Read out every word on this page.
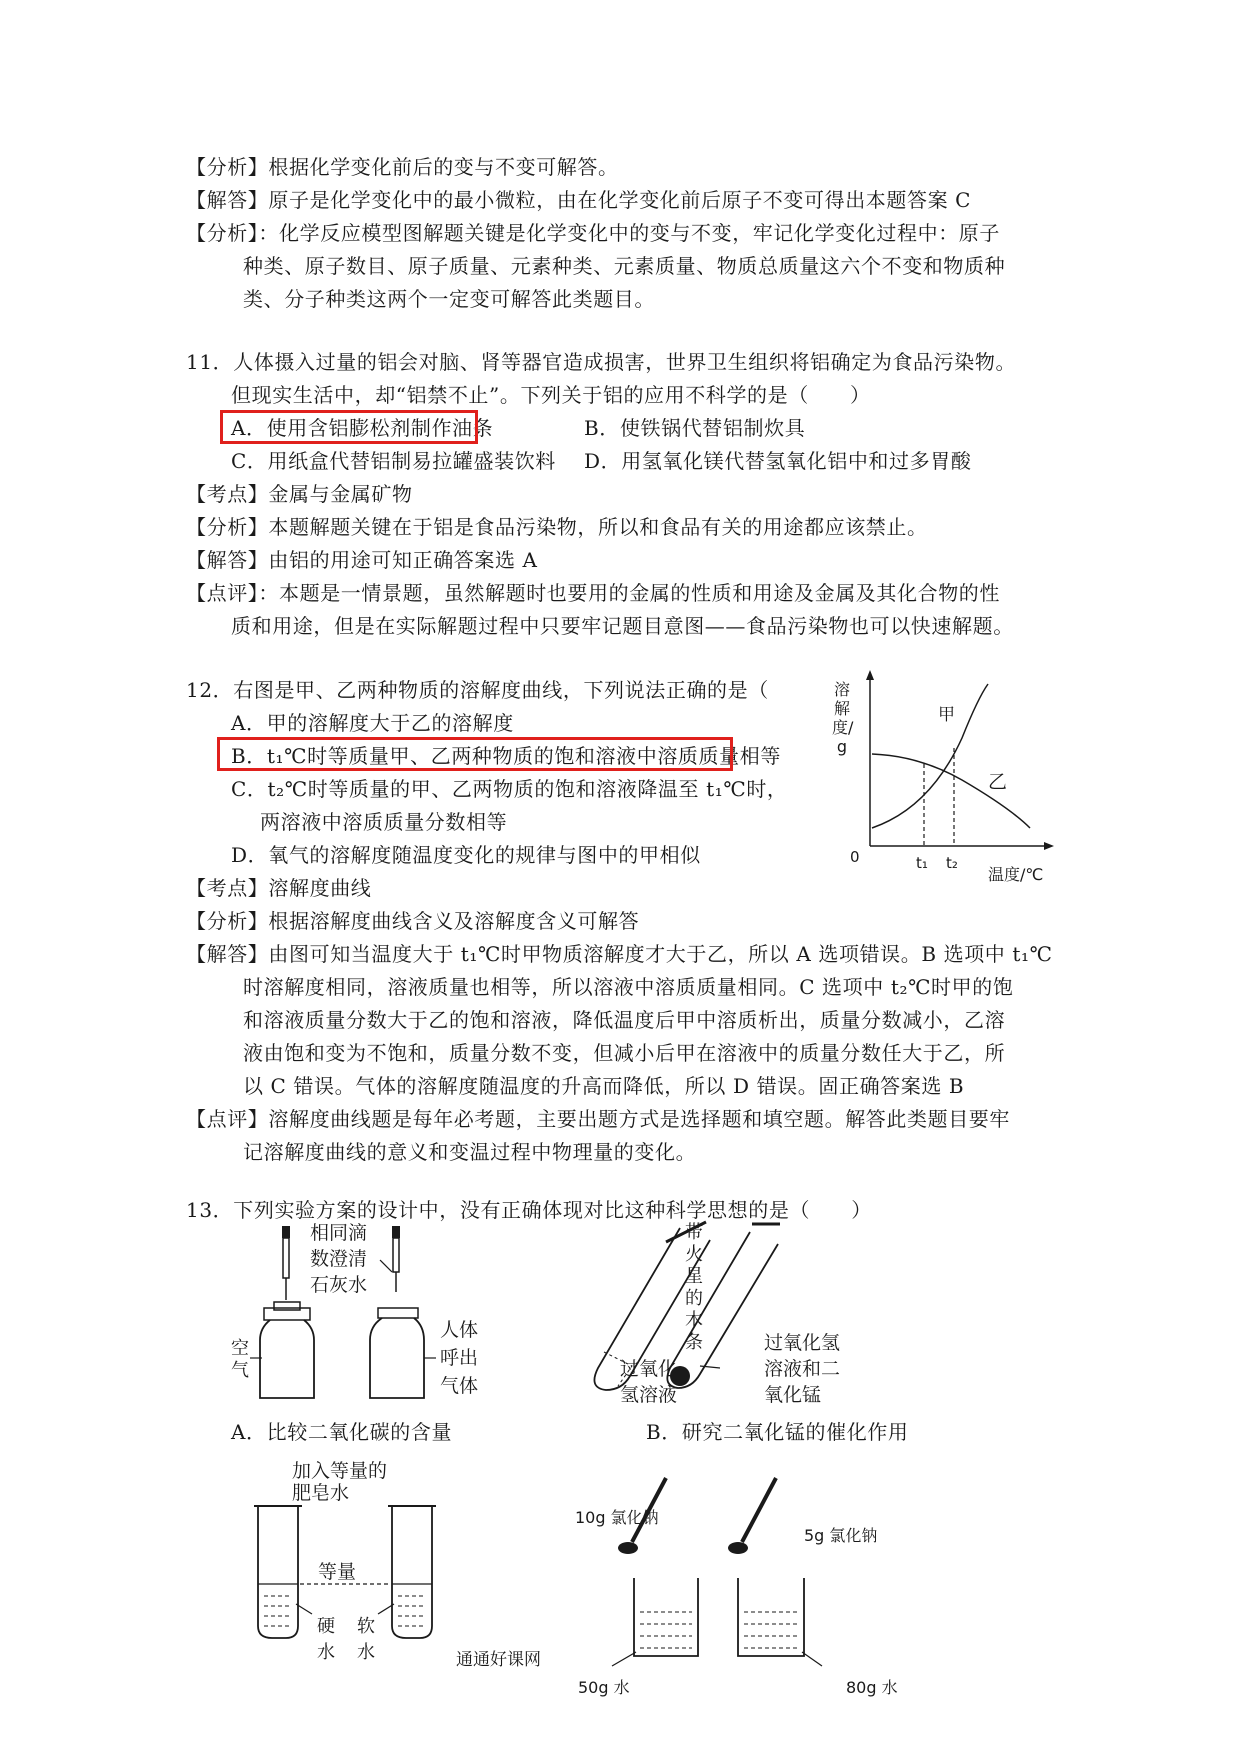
【分析】根据化学变化前后的变与不变可解答。
【解答】原子是化学变化中的最小微粒，由在化学变化前后原子不变可得出本题答案 C
【分析】：化学反应模型图解题关键是化学变化中的变与不变，牢记化学变化过程中：原子
种类、原子数目、原子质量、元素种类、元素质量、物质总质量这六个不变和物质种
类、分子种类这两个一定变可解答此类题目。
11．人体摄入过量的铝会对脑、肾等器官造成损害，世界卫生组织将铝确定为食品污染物。
但现实生活中，却“铝禁不止”。下列关于铝的应用不科学的是（　　）
A．使用含铝膨松剂制作油条	B．使铁锅代替铝制炊具
C．用纸盒代替铝制易拉罐盛装饮料 D．用氢氧化镁代替氢氧化铝中和过多胃酸
【考点】金属与金属矿物
【分析】本题解题关键在于铝是食品污染物，所以和食品有关的用途都应该禁止。
【解答】由铝的用途可知正确答案选 A
【点评】：本题是一情景题，虽然解题时也要用的金属的性质和用途及金属及其化合物的性
质和用途，但是在实际解题过程中只要牢记题目意图——食品污染物也可以快速解题。
12．右图是甲、乙两种物质的溶解度曲线，下列说法正确的是（
A．甲的溶解度大于乙的溶解度
B．t₁℃时等质量甲、乙两种物质的饱和溶液中溶质质量相等
C．t₂℃时等质量的甲、乙两物质的饱和溶液降温至 t₁℃时，
两溶液中溶质质量分数相等
D．氧气的溶解度随温度变化的规律与图中的甲相似
【考点】溶解度曲线
【分析】根据溶解度曲线含义及溶解度含义可解答
【解答】由图可知当温度大于 t₁℃时甲物质溶解度才大于乙，所以 A 选项错误。B 选项中 t₁℃
时溶解度相同，溶液质量也相等，所以溶液中溶质质量相同。C 选项中 t₂℃时甲的饱
和溶液质量分数大于乙的饱和溶液，降低温度后甲中溶质析出，质量分数减小，乙溶
液由饱和变为不饱和，质量分数不变，但减小后甲在溶液中的质量分数任大于乙，所
以 C 错误。气体的溶解度随温度的升高而降低，所以 D 错误。固正确答案选 B
【点评】溶解度曲线题是每年必考题，主要出题方式是选择题和填空题。解答此类题目要牢
记溶解度曲线的意义和变温过程中物理量的变化。
0	t₁ t₂
甲
乙
温度/℃
溶解度/g
13．下列实验方案的设计中，没有正确体现对比这种科学思想的是（　　）
相同滴数澄清石灰水
空气
人体呼出气体
A．比较二氧化碳的含量
带火星的木条
过氧化氢溶液
过氧化氢溶液和二氧化锰
B．研究二氧化锰的催化作用
加入等量的肥皂水
等量
硬水
软水	通通好课网
10g 氯化钠
5g 氯化钠
50g 水	80g 水
